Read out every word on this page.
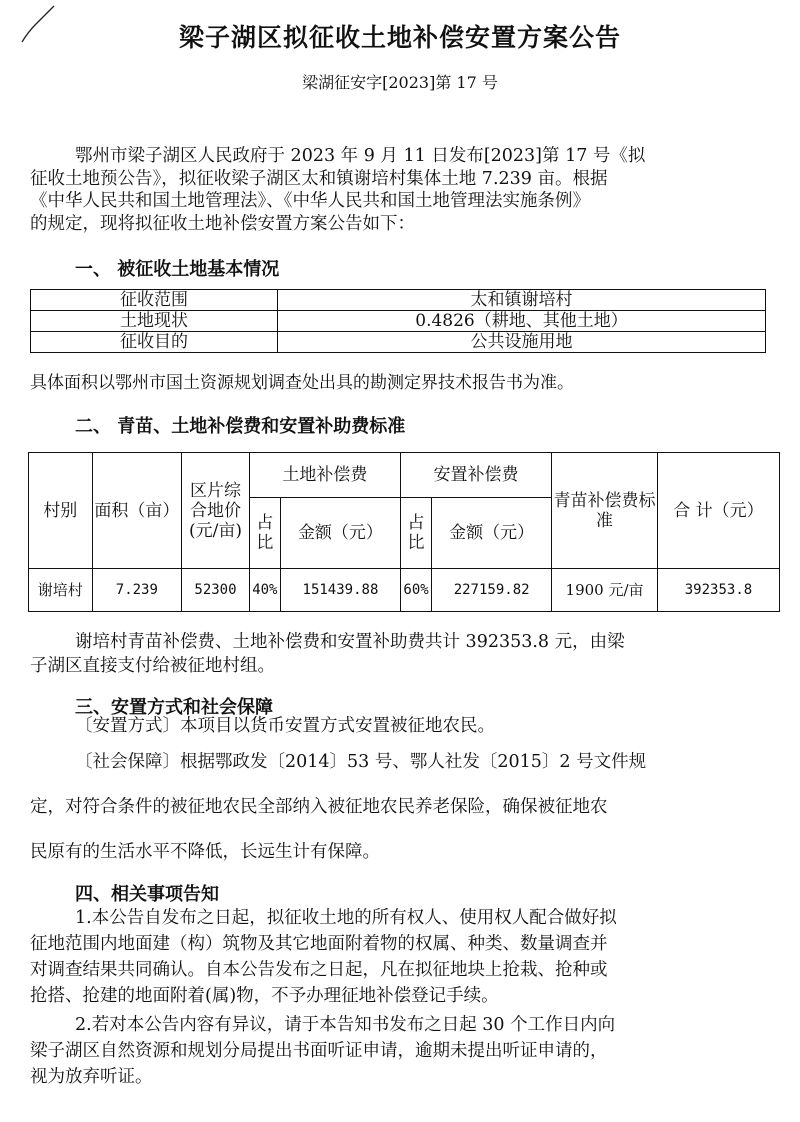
梁子湖区拟征收土地补偿安置方案公告
梁湖征安字[2023]第 17 号
鄂州市梁子湖区人民政府于 2023 年 9 月 11 日发布[2023]第 17 号《拟
征收土地预公告》，拟征收梁子湖区太和镇谢培村集体土地 7.239 亩。根据
《中华人民共和国土地管理法》、《中华人民共和国土地管理法实施条例》
的规定，现将拟征收土地补偿安置方案公告如下：
一、 被征收土地基本情况
征收范围	太和镇谢培村
土地现状	0.4826（耕地、其他土地）
征收目的	公共设施用地
具体面积以鄂州市国土资源规划调查处出具的勘测定界技术报告书为准。
二、 青苗、土地补偿费和安置补助费标准
村别	面积（亩）	区片综合地价(元/亩)	土地补偿费		安置补偿费		青苗补偿费标准	合 计（元）
			占比	金额（元）	占比	金额（元）		
谢培村	7.239	52300	40%	151439.88	60%	227159.82	1900 元/亩	392353.8
谢培村青苗补偿费、土地补偿费和安置补助费共计 392353.8 元，由梁
子湖区直接支付给被征地村组。
三、安置方式和社会保障
〔安置方式〕本项目以货币安置方式安置被征地农民。
〔社会保障〕根据鄂政发〔2014〕53 号、鄂人社发〔2015〕2 号文件规
定，对符合条件的被征地农民全部纳入被征地农民养老保险，确保被征地农
民原有的生活水平不降低，长远生计有保障。
四、相关事项告知
1.本公告自发布之日起，拟征收土地的所有权人、使用权人配合做好拟
征地范围内地面建（构）筑物及其它地面附着物的权属、种类、数量调查并
对调查结果共同确认。自本公告发布之日起，凡在拟征地块上抢栽、抢种或
抢搭、抢建的地面附着(属)物，不予办理征地补偿登记手续。
2.若对本公告内容有异议，请于本告知书发布之日起 30 个工作日内向
梁子湖区自然资源和规划分局提出书面听证申请，逾期未提出听证申请的，
视为放弃听证。
